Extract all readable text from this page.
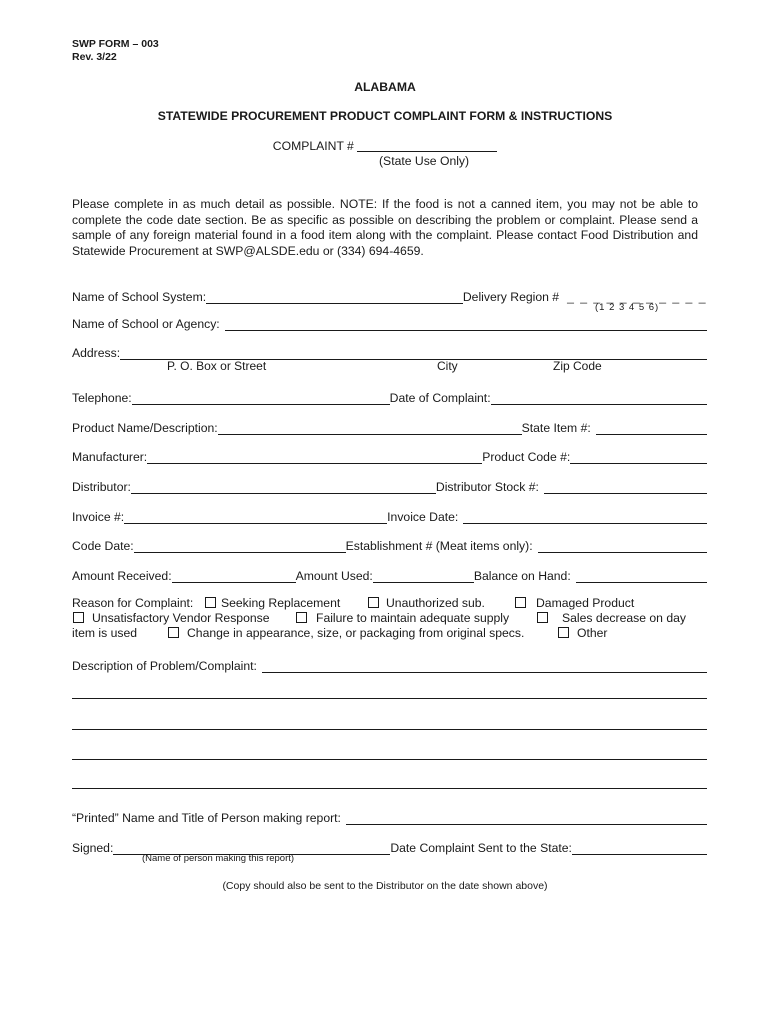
SWP FORM – 003
Rev. 3/22
ALABAMA
STATEWIDE PROCUREMENT PRODUCT COMPLAINT FORM & INSTRUCTIONS
COMPLAINT #
(State Use Only)
Please complete in as much detail as possible. NOTE: If the food is not a canned item, you may not be able to complete the code date section. Be as specific as possible on describing the problem or complaint. Please send a sample of any foreign material found in a food item along with the complaint. Please contact Food Distribution and Statewide Procurement at SWP@ALSDE.edu or (334) 694-4659.
Name of School System:	Delivery Region # _ _ _ _ _ _ _ _ _ _ _
(1 2 3 4 5 6)
Name of School or Agency:
Address:
P. O. Box or Street	City	Zip Code
Telephone:	Date of Complaint:
Product Name/Description:	State Item #:
Manufacturer:	Product Code #:
Distributor:	Distributor Stock #:
Invoice #:	Invoice Date:
Code Date:	Establishment # (Meat items only):
Amount Received:	Amount Used:	Balance on Hand:
Reason for Complaint:	Seeking Replacement	Unauthorized sub.	Damaged Product
Unsatisfactory Vendor Response	Failure to maintain adequate supply	Sales decrease on day
item is used	Change in appearance, size, or packaging from original specs.	Other
Description of Problem/Complaint:
“Printed” Name and Title of Person making report:
Signed:	Date Complaint Sent to the State:
(Name of person making this report)
(Copy should also be sent to the Distributor on the date shown above)
